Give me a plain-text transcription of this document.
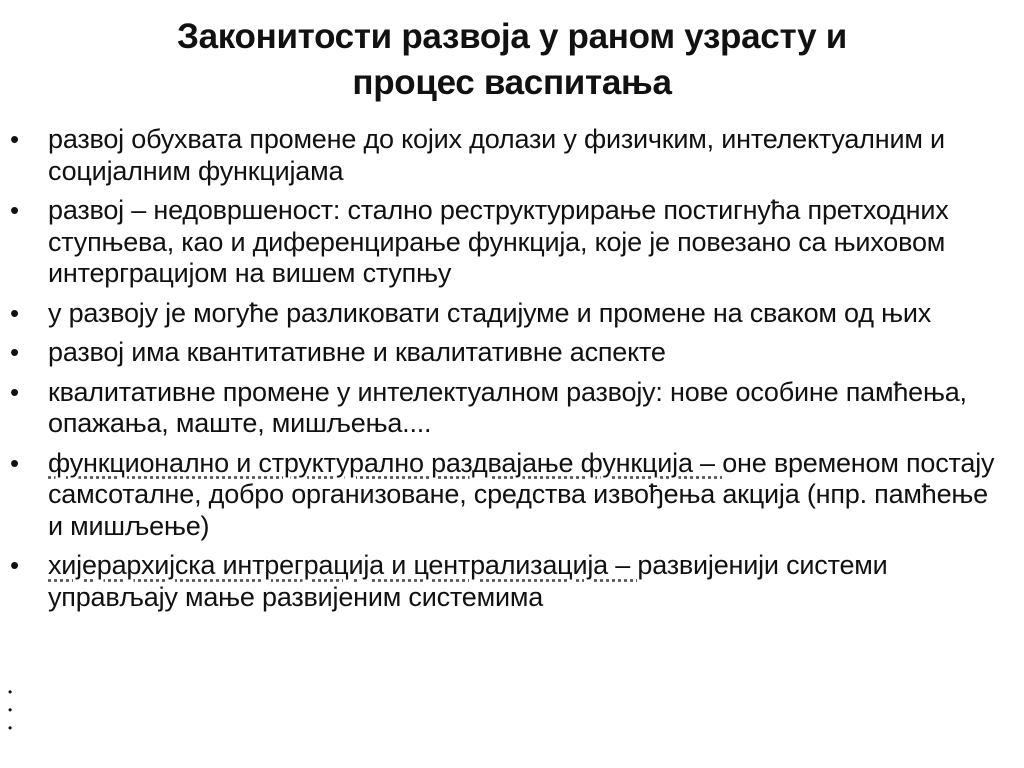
Законитости развоја у раном узрасту и
процес васпитања
• развој обухвата промене до којих долази у физичким, интелектуалним и социјалним функцијама
• развој – недовршеност: стално реструктурирање постигнућа претходних ступњева, као и диференцирање функција, које је повезано са њиховом интерграцијом на вишем ступњу
• у развоју је могуће разликовати стадијуме и промене на сваком од њих
• развој има квантитативне и квалитативне аспекте
• квалитативне промене у интелектуалном развоју: нове особине памћења, опажања, маште, мишљења....
• функционално и структурално раздвајање функција – оне временом постају самсоталне, добро организоване, средства извођења акција (нпр. памћење и мишљење)
• хијерархијска интрeграција и централизација – развијенији системи управљају мање развијеним системима
•
•
•
